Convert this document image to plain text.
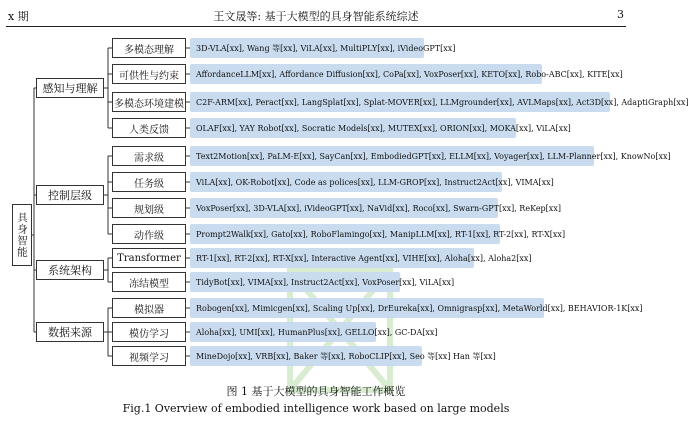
x 期	王文晟等: 基于大模型的具身智能系统综述	3
具身智能
多模态理解	3D-VLA[xx], Wang 等[xx], ViLA[xx], MultiPLY[xx], iVideoGPT[xx]
可供性与约束	AffordanceLLM[xx], Affordance Diffusion[xx], CoPa[xx], VoxPoser[xx], KETO[xx], Robo-ABC[xx], KITE[xx]
多模态环境建模	C2F-ARM[xx], Peract[xx], LangSplat[xx], Splat-MOVER[xx], LLMgrounder[xx], AVLMaps[xx], Act3D[xx], AdaptiGraph[xx]
人类反馈	OLAF[xx], YAY Robot[xx], Socratic Models[xx], MUTEX[xx], ORION[xx], MOKA[xx], ViLA[xx]
感知与理解
需求级	Text2Motion[xx], PaLM-E[xx], SayCan[xx], EmbodiedGPT[xx], ELLM[xx], Voyager[xx], LLM-Planner[xx], KnowNo[xx]
任务级	ViLA[xx], OK-Robot[xx], Code as polices[xx], LLM-GROP[xx], Instruct2Act[xx], VIMA[xx]
规划级	VoxPoser[xx], 3D-VLA[xx], iVideoGPT[xx], NaVid[xx], Roco[xx], Swarn-GPT[xx], ReKep[xx]
动作级	Prompt2Walk[xx], Gato[xx], RoboFlamingo[xx], ManipLLM[xx], RT-1[xx], RT-2[xx], RT-X[xx]
控制层级
Transformer	RT-1[xx], RT-2[xx], RT-X[xx], Interactive Agent[xx], VIHE[xx], Aloha[xx], Aloha2[xx]
冻结模型	TidyBot[xx], VIMA[xx], Instruct2Act[xx], VoxPoser[xx], ViLA[xx]
系统架构
模拟器	Robogen[xx], Mimicgen[xx], Scaling Up[xx], DrEureka[xx], Omnigrasp[xx], MetaWorld[xx], BEHAVIOR-1K[xx]
模仿学习	Aloha[xx], UMI[xx], HumanPlus[xx], GELLO[xx], GC-DA[xx]
视频学习	MineDojo[xx], VRB[xx], Baker 等[xx], RoboCLIP[xx], Seo 等[xx] Han 等[xx]
数据来源
图 1 基于大模型的具身智能工作概览
Fig.1 Overview of embodied intelligence work based on large models
